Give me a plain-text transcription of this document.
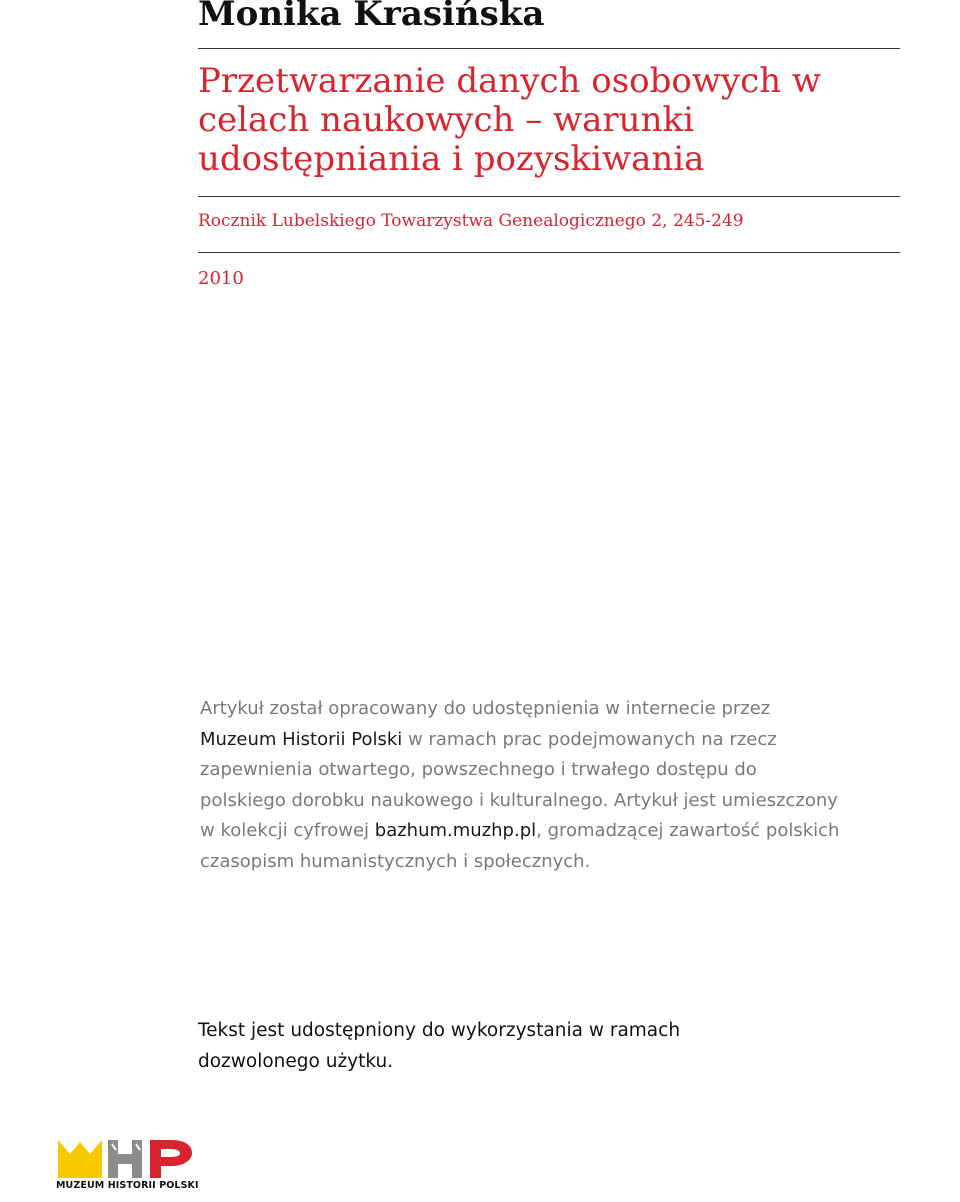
Monika Krasińska
Przetwarzanie danych osobowych w
celach naukowych – warunki
udostępniania i pozyskiwania

Rocznik Lubelskiego Towarzystwa Genealogicznego 2, 245-249

2010

Artykuł został opracowany do udostępnienia w internecie przez
Muzeum Historii Polski w ramach prac podejmowanych na rzecz
zapewnienia otwartego, powszechnego i trwałego dostępu do
polskiego dorobku naukowego i kulturalnego. Artykuł jest umieszczony
w kolekcji cyfrowej bazhum.muzhp.pl, gromadzącej zawartość polskich
czasopism humanistycznych i społecznych.

Tekst jest udostępniony do wykorzystania w ramach
dozwolonego użytku.

MUZEUM HISTORII POLSKI
